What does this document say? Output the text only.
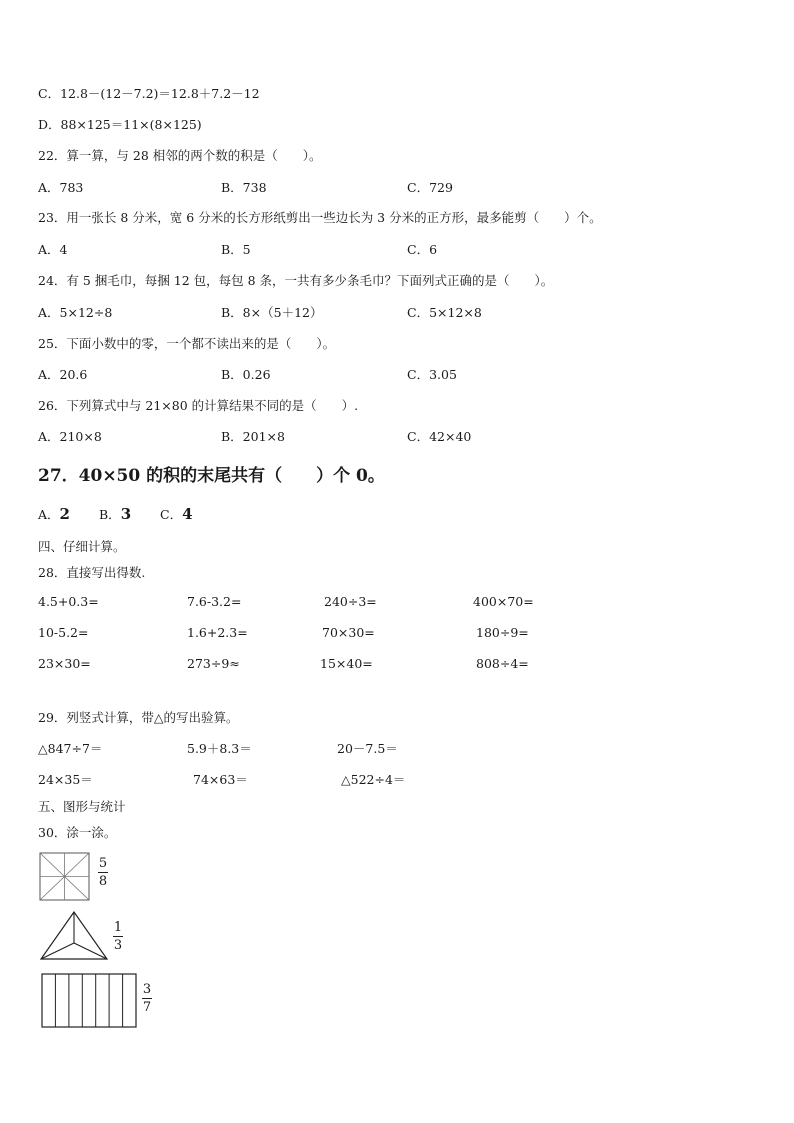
C．12.8－(12－7.2)＝12.8＋7.2－12
D．88×125＝11×(8×125)
22．算一算，与 28 相邻的两个数的积是（　　）。
A．783	B．738	C．729
23．用一张长 8 分米，宽 6 分米的长方形纸剪出一些边长为 3 分米的正方形，最多能剪（　　）个。
A．4	B．5	C．6
24．有 5 捆毛巾，每捆 12 包，每包 8 条，一共有多少条毛巾？下面列式正确的是（　　）。
A．5×12÷8	B．8×（5＋12）	C．5×12×8
25．下面小数中的零，一个都不读出来的是（　　）。
A．20.6	B．0.26	C．3.05
26．下列算式中与 21×80 的计算结果不同的是（　　）.
A．210×8	B．201×8	C．42×40
27．40×50 的积的末尾共有（　　）个 0。
A．2 B．3 C．4
四、仔细计算。
28．直接写出得数.
4.5+0.3=	7.6-3.2=	240÷3=	400×70=
10-5.2=	1.6+2.3=	70×30=	180÷9=
23×30=	273÷9≈	15×40=	808÷4=
29．列竖式计算，带△的写出验算。
△847÷7＝	5.9＋8.3＝	20－7.5＝
24×35＝	74×63＝	△522÷4＝
五、图形与统计
30．涂一涂。
5
8
1
3
3
7
